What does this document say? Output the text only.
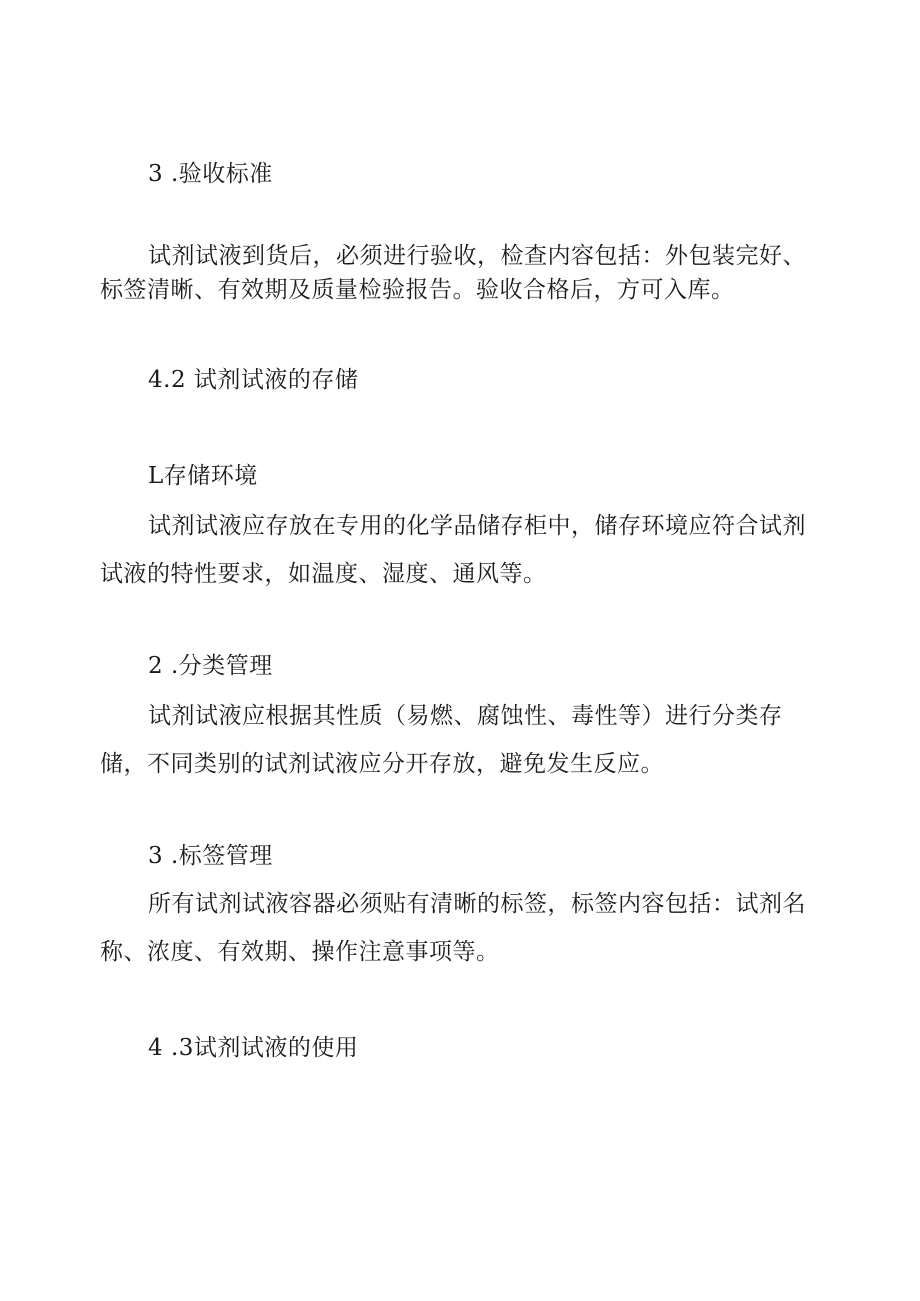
3 .验收标准
试剂试液到货后，必须进行验收，检查内容包括：外包装完好、
标签清晰、有效期及质量检验报告。验收合格后，方可入库。
4.2 试剂试液的存储
L存储环境
试剂试液应存放在专用的化学品储存柜中，储存环境应符合试剂
试液的特性要求，如温度、湿度、通风等。
2 .分类管理
试剂试液应根据其性质（易燃、腐蚀性、毒性等）进行分类存
储，不同类别的试剂试液应分开存放，避免发生反应。
3 .标签管理
所有试剂试液容器必须贴有清晰的标签，标签内容包括：试剂名
称、浓度、有效期、操作注意事项等。
4 .3试剂试液的使用
